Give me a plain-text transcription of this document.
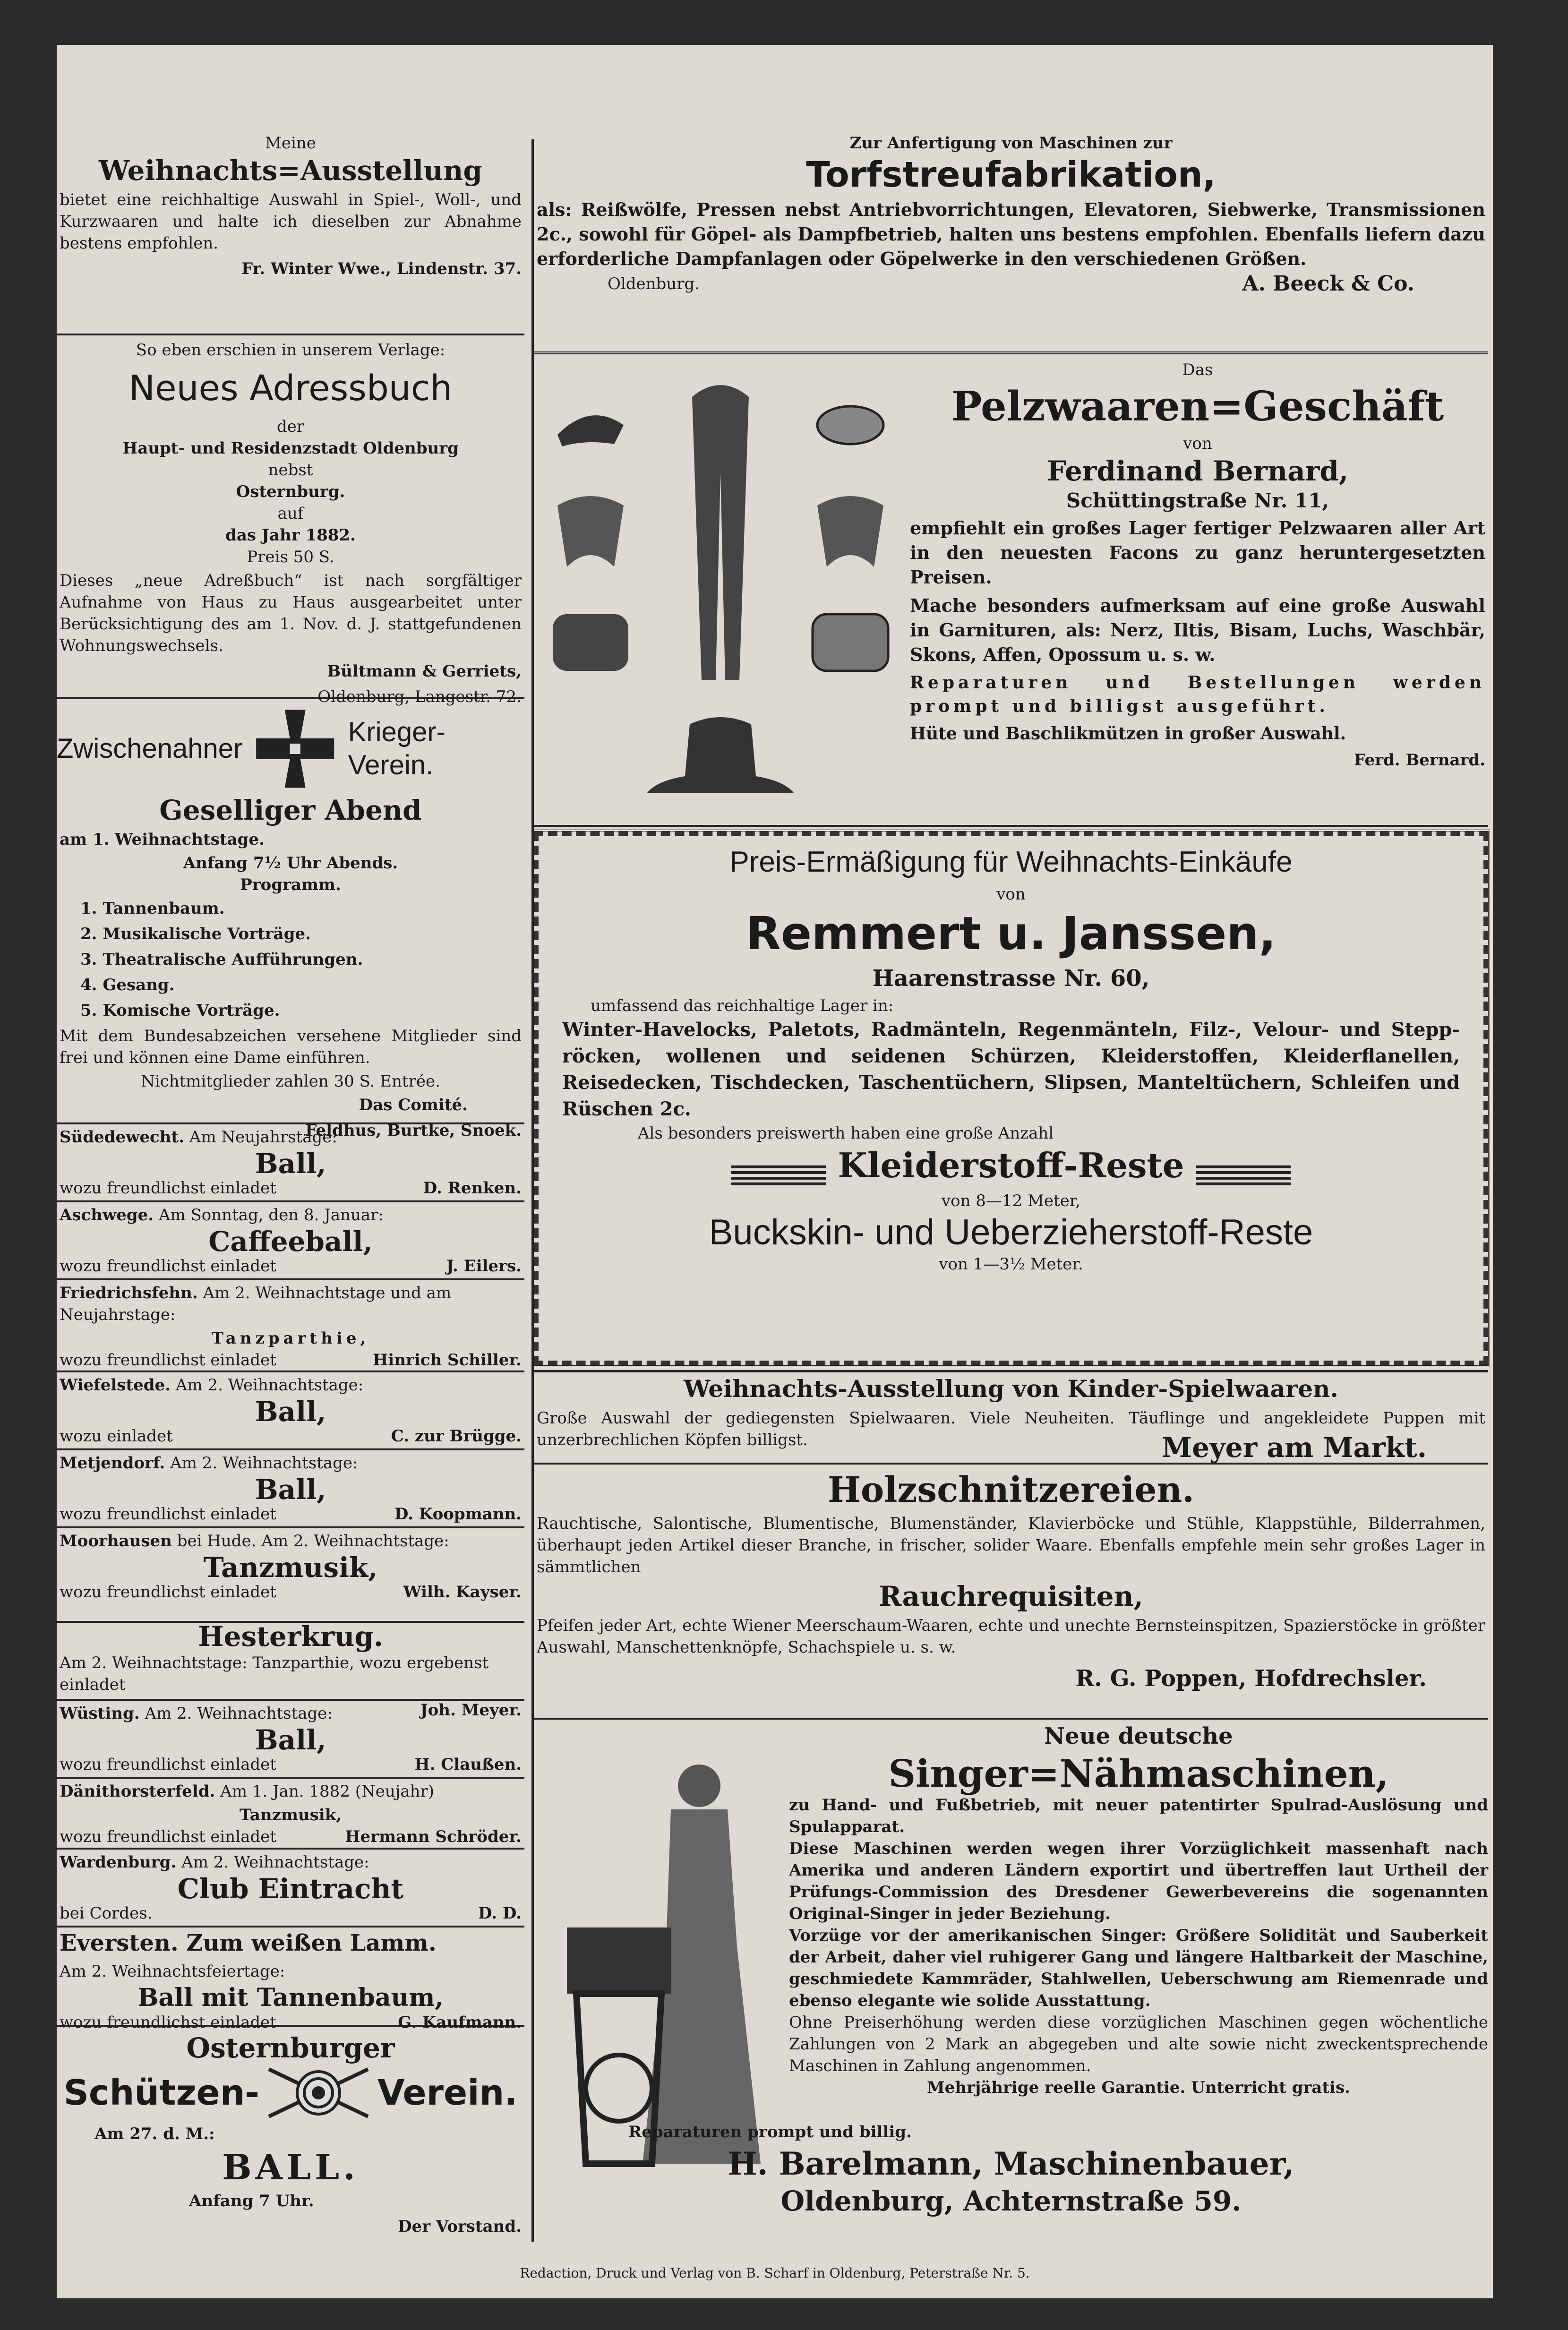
Meine
Weihnachts=Ausstellung
bietet eine reichhaltige Auswahl in Spiel-, Woll-, und Kurzwaaren und halte ich dieselben zur Abnahme bestens empfohlen.
Fr. Winter Wwe., Lindenstr. 37.
So eben erschien in unserem Verlage:
Neues Adressbuch
der
Haupt- und Residenzstadt Oldenburg
nebst
Osternburg.
auf
das Jahr 1882.
Preis 50 S.
Dieses „neue Adreßbuch“ ist nach sorgfältiger Aufnahme von Haus zu Haus ausgearbeitet unter Berücksichtigung des am 1. Nov. d. J. stattgefundenen Wohnungswechsels.
Bültmann & Gerriets,
Oldenburg, Langestr. 72.
Zwischenahner
Krieger-Verein.
Geselliger Abend
am 1. Weihnachtstage.
Anfang 7½ Uhr Abends.
Programm.
1. Tannenbaum.
2. Musikalische Vorträge.
3. Theatralische Aufführungen.
4. Gesang.
5. Komische Vorträge.
Mit dem Bundesabzeichen versehene Mitglieder sind frei und können eine Dame einführen.
Nichtmitglieder zahlen 30 S. Entrée.
Das Comité.
Feldhus, Burtke, Snoek.
Südedewecht. Am Neujahrstage:
Ball,
wozu freundlichst einladet	D. Renken.
Aschwege. Am Sonntag, den 8. Januar:
Caffeeball,
wozu freundlichst einladet	J. Eilers.
Friedrichsfehn. Am 2. Weihnachtstage und am Neujahrstage:
Tanzparthie,
wozu freundlichst einladet	Hinrich Schiller.
Wiefelstede. Am 2. Weihnachtstage:
Ball,
wozu einladet	C. zur Brügge.
Metjendorf. Am 2. Weihnachtstage:
Ball,
wozu freundlichst einladet	D. Koopmann.
Moorhausen bei Hude. Am 2. Weihnachtstage:
Tanzmusik,
wozu freundlichst einladet	Wilh. Kayser.
Hesterkrug.
Am 2. Weihnachtstage: Tanzparthie, wozu ergebenst einladet
Joh. Meyer.
Wüsting. Am 2. Weihnachtstage:
Ball,
wozu freundlichst einladet	H. Claußen.
Dänithorsterfeld. Am 1. Jan. 1882 (Neujahr)
Tanzmusik,
wozu freundlichst einladet	Hermann Schröder.
Wardenburg. Am 2. Weihnachtstage:
Club Eintracht
bei Cordes.	D. D.
Eversten. Zum weißen Lamm.
Am 2. Weihnachtsfeiertage:
Ball mit Tannenbaum,
wozu freundlichst einladet	G. Kaufmann.
Osternburger
Schützen-	Verein.
Am 27. d. M.:
BALL.
Anfang 7 Uhr.
Der Vorstand.
Zur Anfertigung von Maschinen zur
Torfstreufabrikation,
als: Reißwölfe, Pressen nebst Antriebvorrichtungen, Elevatoren, Siebwerke, Transmissionen 2c., sowohl für Göpel- als Dampfbetrieb, halten uns bestens empfohlen. Ebenfalls liefern dazu erforderliche Dampfanlagen oder Göpelwerke in den verschiedenen Größen.
Oldenburg.	A. Beeck & Co.
Das
Pelzwaaren=Geschäft
von
Ferdinand Bernard,
Schüttingstraße Nr. 11,
empfiehlt ein großes Lager fertiger Pelzwaaren aller Art in den neuesten Facons zu ganz heruntergesetzten Preisen.
Mache besonders aufmerksam auf eine große Auswahl in Garnituren, als: Nerz, Iltis, Bisam, Luchs, Waschbär, Skons, Affen, Opossum u. s. w.
Reparaturen und Bestellungen werden prompt und billigst ausgeführt.
Hüte und Baschlikmützen in großer Auswahl.
Ferd. Bernard.
Preis-Ermäßigung für Weihnachts-Einkäufe
von
Remmert u. Janssen,
Haarenstrasse Nr. 60,
umfassend das reichhaltige Lager in:
Winter-Havelocks, Paletots, Radmänteln, Regenmänteln, Filz-, Velour- und Steppröcken, wollenen und seidenen Schürzen, Kleiderstoffen, Kleiderflanellen, Reisedecken, Tischdecken, Taschentüchern, Slipsen, Manteltüchern, Schleifen und Rüschen 2c.
Als besonders preiswerth haben eine große Anzahl
Kleiderstoff-Reste
von 8—12 Meter,
Buckskin- und Ueberzieherstoff-Reste
von 1—3½ Meter.
Weihnachts-Ausstellung von Kinder-Spielwaaren.
Große Auswahl der gediegensten Spielwaaren. Viele Neuheiten. Täuflinge und angekleidete Puppen mit unzerbrechlichen Köpfen billigst.	Meyer am Markt.
Holzschnitzereien.
Rauchtische, Salontische, Blumentische, Blumenständer, Klavierböcke und Stühle, Klappstühle, Bilderrahmen, überhaupt jeden Artikel dieser Branche, in frischer, solider Waare. Ebenfalls empfehle mein sehr großes Lager in sämmtlichen
Rauchrequisiten,
Pfeifen jeder Art, echte Wiener Meerschaum-Waaren, echte und unechte Bernsteinspitzen, Spazierstöcke in größter Auswahl, Manschettenknöpfe, Schachspiele u. s. w.
R. G. Poppen, Hofdrechsler.
Neue deutsche
Singer=Nähmaschinen,
zu Hand- und Fußbetrieb, mit neuer patentirter Spulrad-Auslösung und Spulapparat.
Diese Maschinen werden wegen ihrer Vorzüglichkeit massenhaft nach Amerika und anderen Ländern exportirt und übertreffen laut Urtheil der Prüfungs-Commission des Dresdener Gewerbevereins die sogenannten Original-Singer in jeder Beziehung.
Vorzüge vor der amerikanischen Singer: Größere Solidität und Sauberkeit der Arbeit, daher viel ruhigerer Gang und längere Haltbarkeit der Maschine, geschmiedete Kammräder, Stahlwellen, Ueberschwung am Riemenrade und ebenso elegante wie solide Ausstattung.
Ohne Preiserhöhung werden diese vorzüglichen Maschinen gegen wöchentliche Zahlungen von 2 Mark an abgegeben und alte sowie nicht zweckentsprechende Maschinen in Zahlung angenommen.
Mehrjährige reelle Garantie. Unterricht gratis.
Reparaturen prompt und billig.
H. Barelmann, Maschinenbauer,
Oldenburg, Achternstraße 59.
Redaction, Druck und Verlag von B. Scharf in Oldenburg, Peterstraße Nr. 5.
